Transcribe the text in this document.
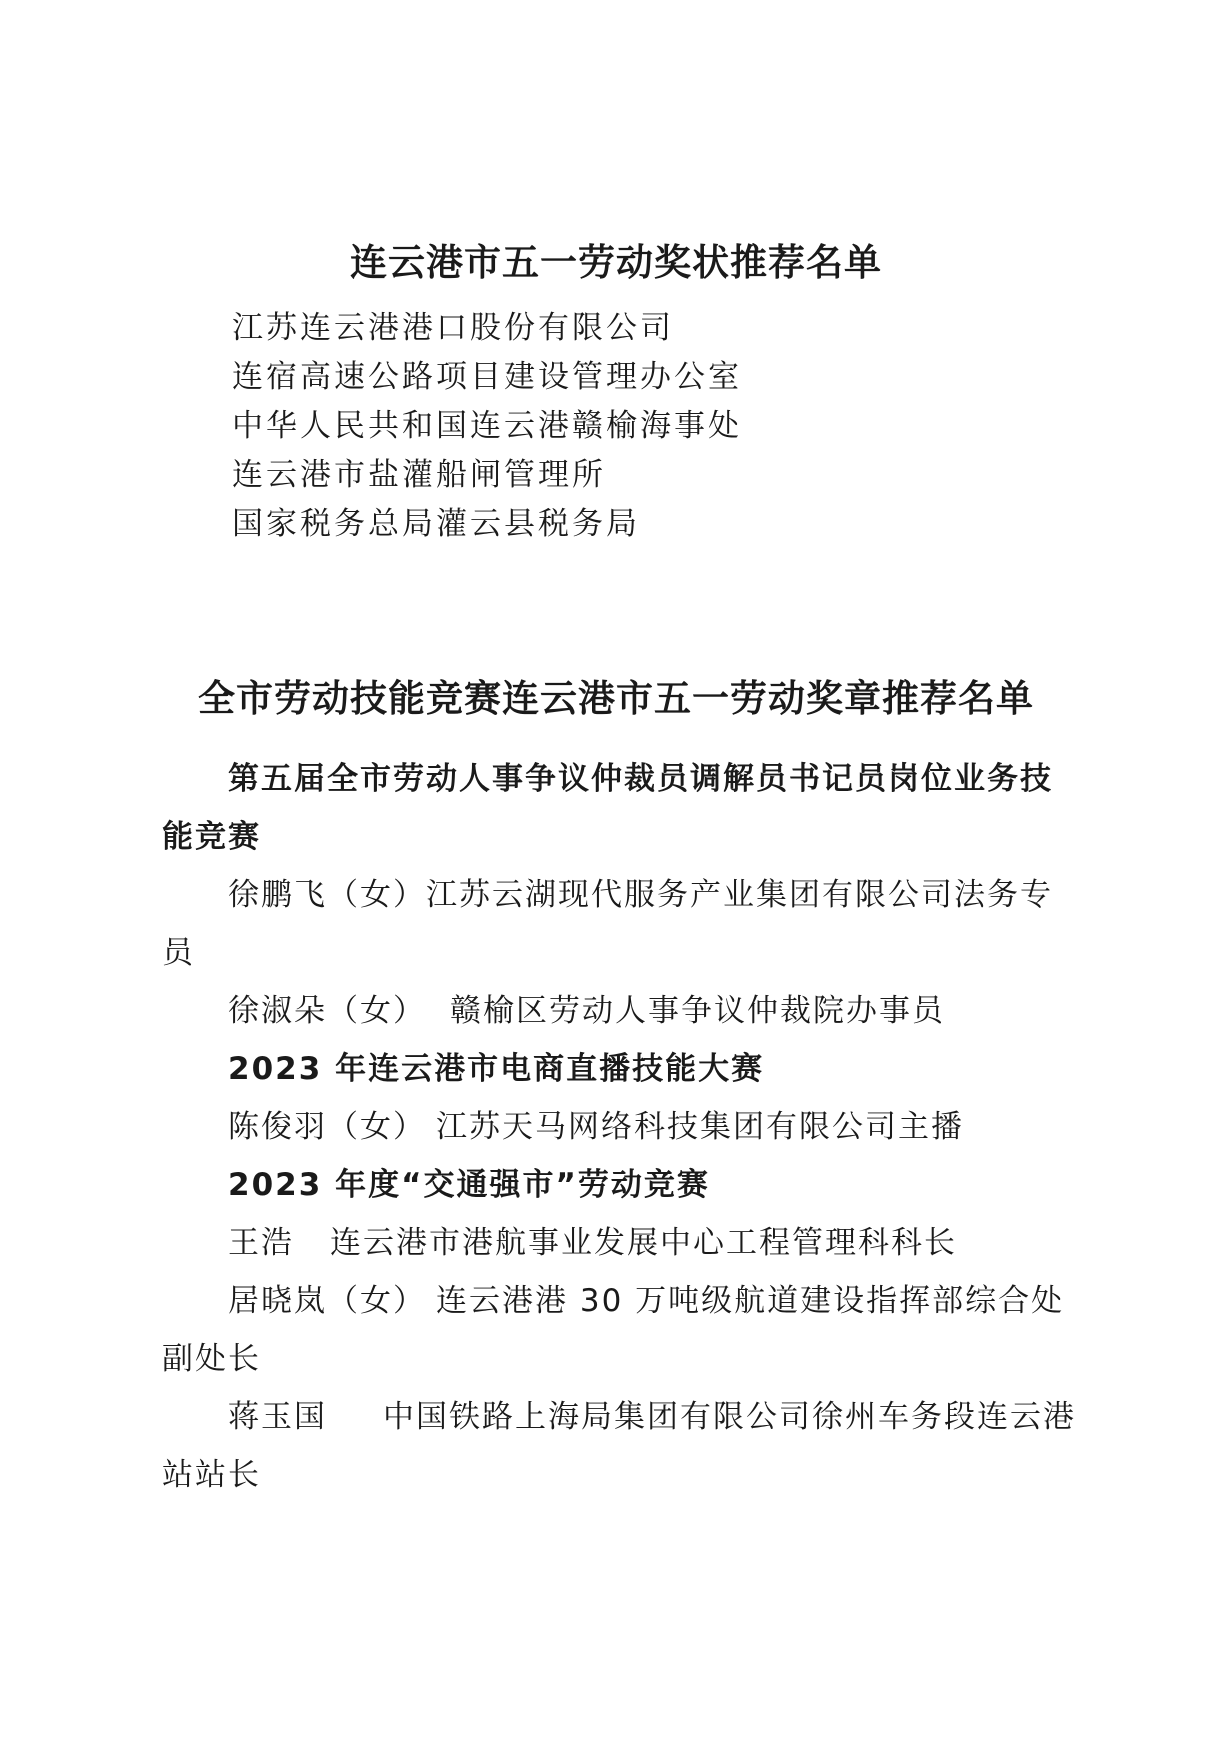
连云港市五一劳动奖状推荐名单
江苏连云港港口股份有限公司
连宿高速公路项目建设管理办公室
中华人民共和国连云港赣榆海事处
连云港市盐灌船闸管理所
国家税务总局灌云县税务局
全市劳动技能竞赛连云港市五一劳动奖章推荐名单

第五届全市劳动人事争议仲裁员调解员书记员岗位业务技能竞赛

徐鹏飞（女）江苏云湖现代服务产业集团有限公司法务专员

徐淑朵（女） 赣榆区劳动人事争议仲裁院办事员

2023 年连云港市电商直播技能大赛

陈俊羽（女） 江苏天马网络科技集团有限公司主播

2023 年度“交通强市”劳动竞赛

王浩 连云港市港航事业发展中心工程管理科科长

居晓岚（女） 连云港港 30 万吨级航道建设指挥部综合处副处长

蒋玉国 中国铁路上海局集团有限公司徐州车务段连云港站站长
